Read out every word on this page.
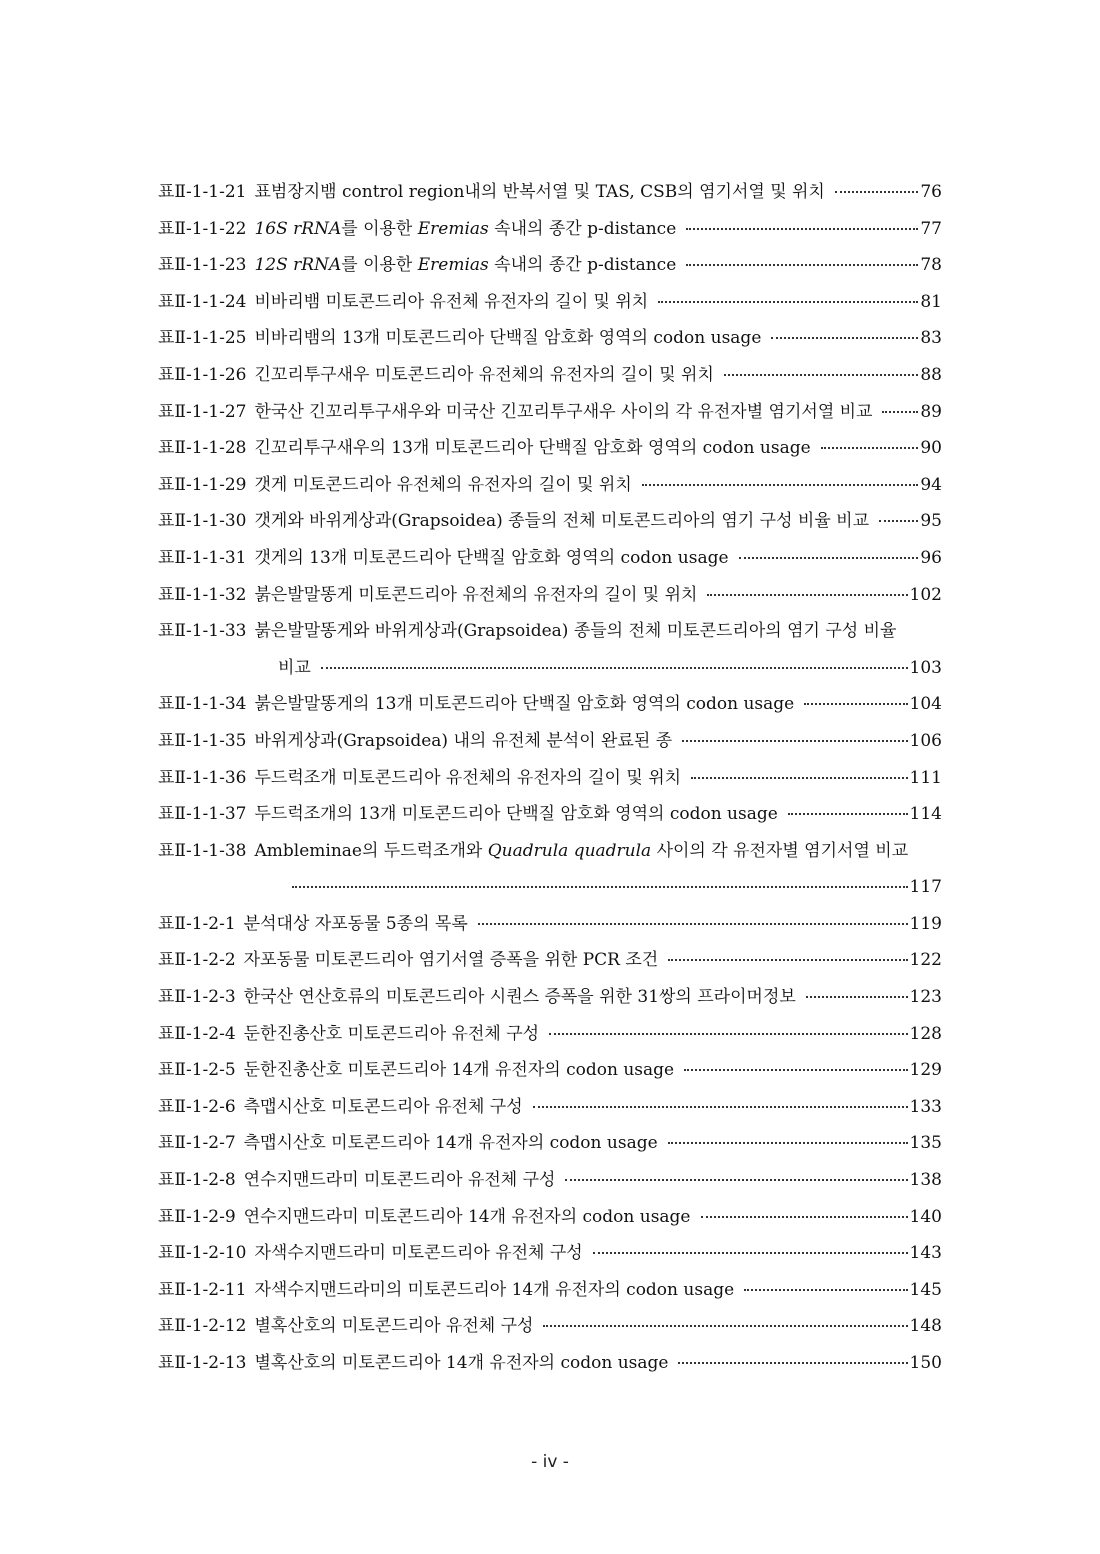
표Ⅱ-1-1-21 표범장지뱀 control region내의 반복서열 및 TAS, CSB의 염기서열 및 위치	76
표Ⅱ-1-1-22 16S rRNA를 이용한 Eremias 속내의 종간 p-distance	77
표Ⅱ-1-1-23 12S rRNA를 이용한 Eremias 속내의 종간 p-distance	78
표Ⅱ-1-1-24 비바리뱀 미토콘드리아 유전체 유전자의 길이 및 위치	81
표Ⅱ-1-1-25 비바리뱀의 13개 미토콘드리아 단백질 암호화 영역의 codon usage	83
표Ⅱ-1-1-26 긴꼬리투구새우 미토콘드리아 유전체의 유전자의 길이 및 위치	88
표Ⅱ-1-1-27 한국산 긴꼬리투구새우와 미국산 긴꼬리투구새우 사이의 각 유전자별 염기서열 비교	89
표Ⅱ-1-1-28 긴꼬리투구새우의 13개 미토콘드리아 단백질 암호화 영역의 codon usage	90
표Ⅱ-1-1-29 갯게 미토콘드리아 유전체의 유전자의 길이 및 위치	94
표Ⅱ-1-1-30 갯게와 바위게상과(Grapsoidea) 종들의 전체 미토콘드리아의 염기 구성 비율 비교	95
표Ⅱ-1-1-31 갯게의 13개 미토콘드리아 단백질 암호화 영역의 codon usage	96
표Ⅱ-1-1-32 붉은발말똥게 미토콘드리아 유전체의 유전자의 길이 및 위치	102
표Ⅱ-1-1-33 붉은발말똥게와 바위게상과(Grapsoidea) 종들의 전체 미토콘드리아의 염기 구성 비율
비교	103
표Ⅱ-1-1-34 붉은발말똥게의 13개 미토콘드리아 단백질 암호화 영역의 codon usage	104
표Ⅱ-1-1-35 바위게상과(Grapsoidea) 내의 유전체 분석이 완료된 종	106
표Ⅱ-1-1-36 두드럭조개 미토콘드리아 유전체의 유전자의 길이 및 위치	111
표Ⅱ-1-1-37 두드럭조개의 13개 미토콘드리아 단백질 암호화 영역의 codon usage	114
표Ⅱ-1-1-38 Ambleminae의 두드럭조개와 Quadrula quadrula 사이의 각 유전자별 염기서열 비교
117
표Ⅱ-1-2-1 분석대상 자포동물 5종의 목록	119
표Ⅱ-1-2-2 자포동물 미토콘드리아 염기서열 증폭을 위한 PCR 조건	122
표Ⅱ-1-2-3 한국산 연산호류의 미토콘드리아 시퀀스 증폭을 위한 31쌍의 프라이머정보	123
표Ⅱ-1-2-4 둔한진총산호 미토콘드리아 유전체 구성	128
표Ⅱ-1-2-5 둔한진총산호 미토콘드리아 14개 유전자의 codon usage	129
표Ⅱ-1-2-6 측맵시산호 미토콘드리아 유전체 구성	133
표Ⅱ-1-2-7 측맵시산호 미토콘드리아 14개 유전자의 codon usage	135
표Ⅱ-1-2-8 연수지맨드라미 미토콘드리아 유전체 구성	138
표Ⅱ-1-2-9 연수지맨드라미 미토콘드리아 14개 유전자의 codon usage	140
표Ⅱ-1-2-10 자색수지맨드라미 미토콘드리아 유전체 구성	143
표Ⅱ-1-2-11 자색수지맨드라미의 미토콘드리아 14개 유전자의 codon usage	145
표Ⅱ-1-2-12 별혹산호의 미토콘드리아 유전체 구성	148
표Ⅱ-1-2-13 별혹산호의 미토콘드리아 14개 유전자의 codon usage	150
- iv -
